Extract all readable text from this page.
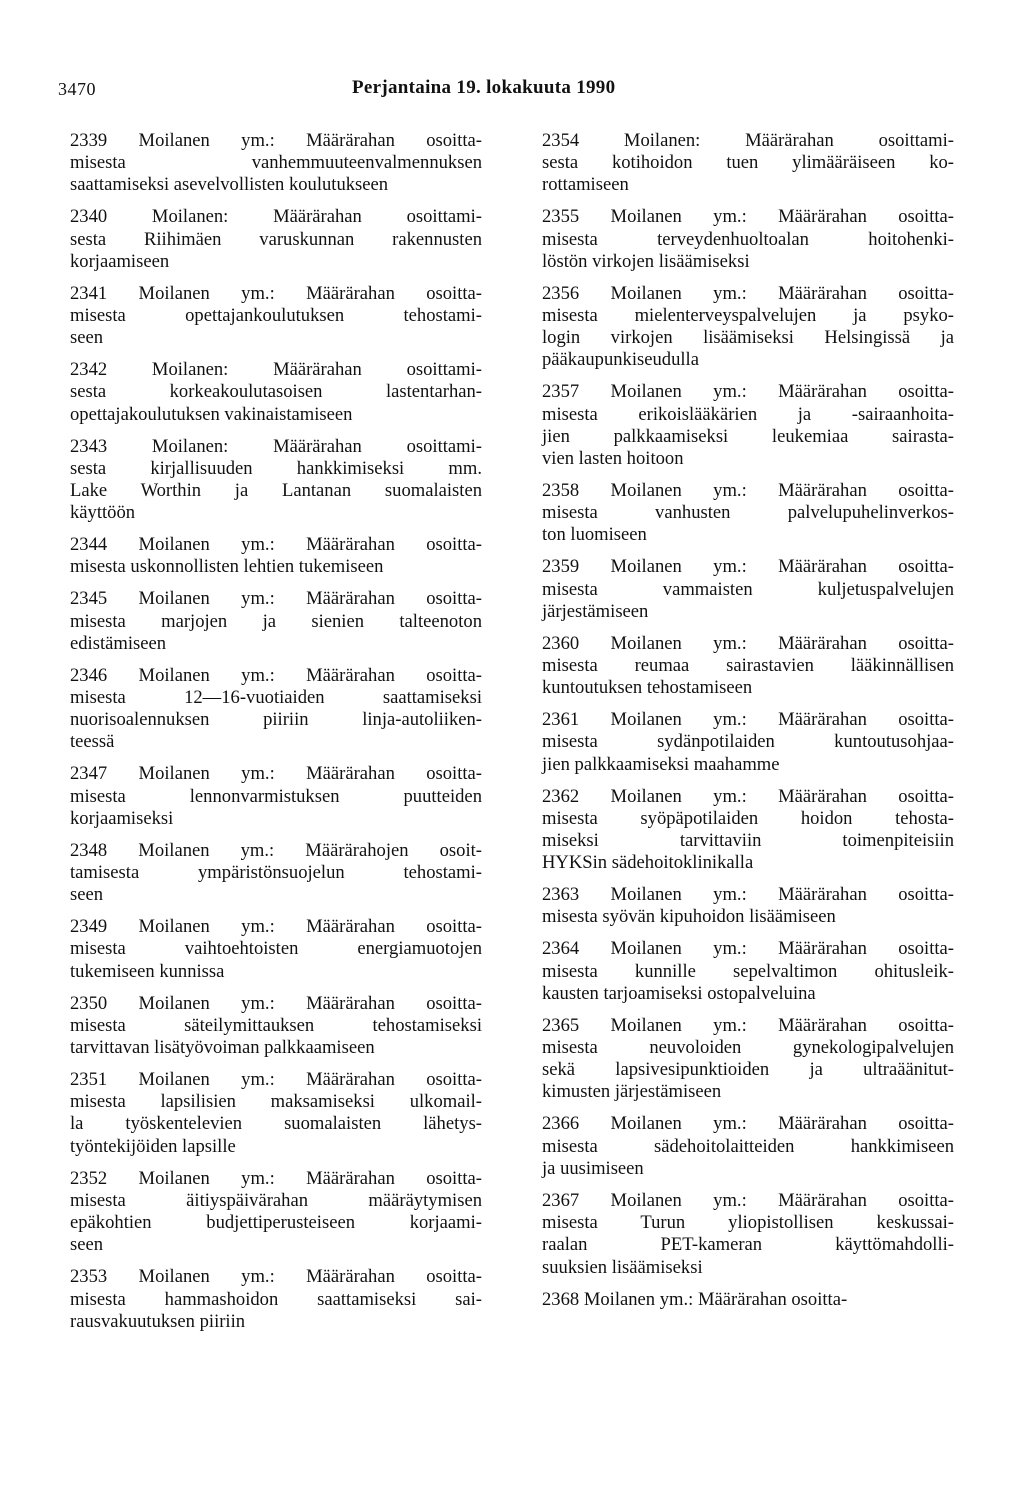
3470	Perjantaina 19. lokakuuta 1990
2339 Moilanen ym.: Määrärahan osoitta-
misesta vanhemmuuteenvalmennuksen
saattamiseksi asevelvollisten koulutukseen
2340 Moilanen: Määrärahan osoittami-
sesta Riihimäen varuskunnan rakennusten
korjaamiseen
2341 Moilanen ym.: Määrärahan osoitta-
misesta opettajankoulutuksen tehostami-
seen
2342 Moilanen: Määrärahan osoittami-
sesta korkeakoulutasoisen lastentarhan-
opettajakoulutuksen vakinaistamiseen
2343 Moilanen: Määrärahan osoittami-
sesta kirjallisuuden hankkimiseksi mm.
Lake Worthin ja Lantanan suomalaisten
käyttöön
2344 Moilanen ym.: Määrärahan osoitta-
misesta uskonnollisten lehtien tukemiseen
2345 Moilanen ym.: Määrärahan osoitta-
misesta marjojen ja sienien talteenoton
edistämiseen
2346 Moilanen ym.: Määrärahan osoitta-
misesta 12—16-vuotiaiden saattamiseksi
nuorisoalennuksen piiriin linja-autoliiken-
teessä
2347 Moilanen ym.: Määrärahan osoitta-
misesta lennonvarmistuksen puutteiden
korjaamiseksi
2348 Moilanen ym.: Määrärahojen osoit-
tamisesta ympäristönsuojelun tehostami-
seen
2349 Moilanen ym.: Määrärahan osoitta-
misesta vaihtoehtoisten energiamuotojen
tukemiseen kunnissa
2350 Moilanen ym.: Määrärahan osoitta-
misesta säteilymittauksen tehostamiseksi
tarvittavan lisätyövoiman palkkaamiseen
2351 Moilanen ym.: Määrärahan osoitta-
misesta lapsilisien maksamiseksi ulkomail-
la työskentelevien suomalaisten lähetys-
työntekijöiden lapsille
2352 Moilanen ym.: Määrärahan osoitta-
misesta äitiyspäivärahan määräytymisen
epäkohtien budjettiperusteiseen korjaami-
seen
2353 Moilanen ym.: Määrärahan osoitta-
misesta hammashoidon saattamiseksi sai-
rausvakuutuksen piiriin
2354 Moilanen: Määrärahan osoittami-
sesta kotihoidon tuen ylimääräiseen ko-
rottamiseen
2355 Moilanen ym.: Määrärahan osoitta-
misesta terveydenhuoltoalan hoitohenki-
löstön virkojen lisäämiseksi
2356 Moilanen ym.: Määrärahan osoitta-
misesta mielenterveyspalvelujen ja psyko-
login virkojen lisäämiseksi Helsingissä ja
pääkaupunkiseudulla
2357 Moilanen ym.: Määrärahan osoitta-
misesta erikoislääkärien ja -sairaanhoita-
jien palkkaamiseksi leukemiaa sairasta-
vien lasten hoitoon
2358 Moilanen ym.: Määrärahan osoitta-
misesta vanhusten palvelupuhelinverkos-
ton luomiseen
2359 Moilanen ym.: Määrärahan osoitta-
misesta vammaisten kuljetuspalvelujen
järjestämiseen
2360 Moilanen ym.: Määrärahan osoitta-
misesta reumaa sairastavien lääkinnällisen
kuntoutuksen tehostamiseen
2361 Moilanen ym.: Määrärahan osoitta-
misesta sydänpotilaiden kuntoutusohjaa-
jien palkkaamiseksi maahamme
2362 Moilanen ym.: Määrärahan osoitta-
misesta syöpäpotilaiden hoidon tehosta-
miseksi tarvittaviin toimenpiteisiin
HYKSin sädehoitoklinikalla
2363 Moilanen ym.: Määrärahan osoitta-
misesta syövän kipuhoidon lisäämiseen
2364 Moilanen ym.: Määrärahan osoitta-
misesta kunnille sepelvaltimon ohitusleik-
kausten tarjoamiseksi ostopalveluina
2365 Moilanen ym.: Määrärahan osoitta-
misesta neuvoloiden gynekologipalvelujen
sekä lapsivesipunktioiden ja ultraäänitut-
kimusten järjestämiseen
2366 Moilanen ym.: Määrärahan osoitta-
misesta sädehoitolaitteiden hankkimiseen
ja uusimiseen
2367 Moilanen ym.: Määrärahan osoitta-
misesta Turun yliopistollisen keskussai-
raalan PET-kameran käyttömahdolli-
suuksien lisäämiseksi
2368 Moilanen ym.: Määrärahan osoitta-
